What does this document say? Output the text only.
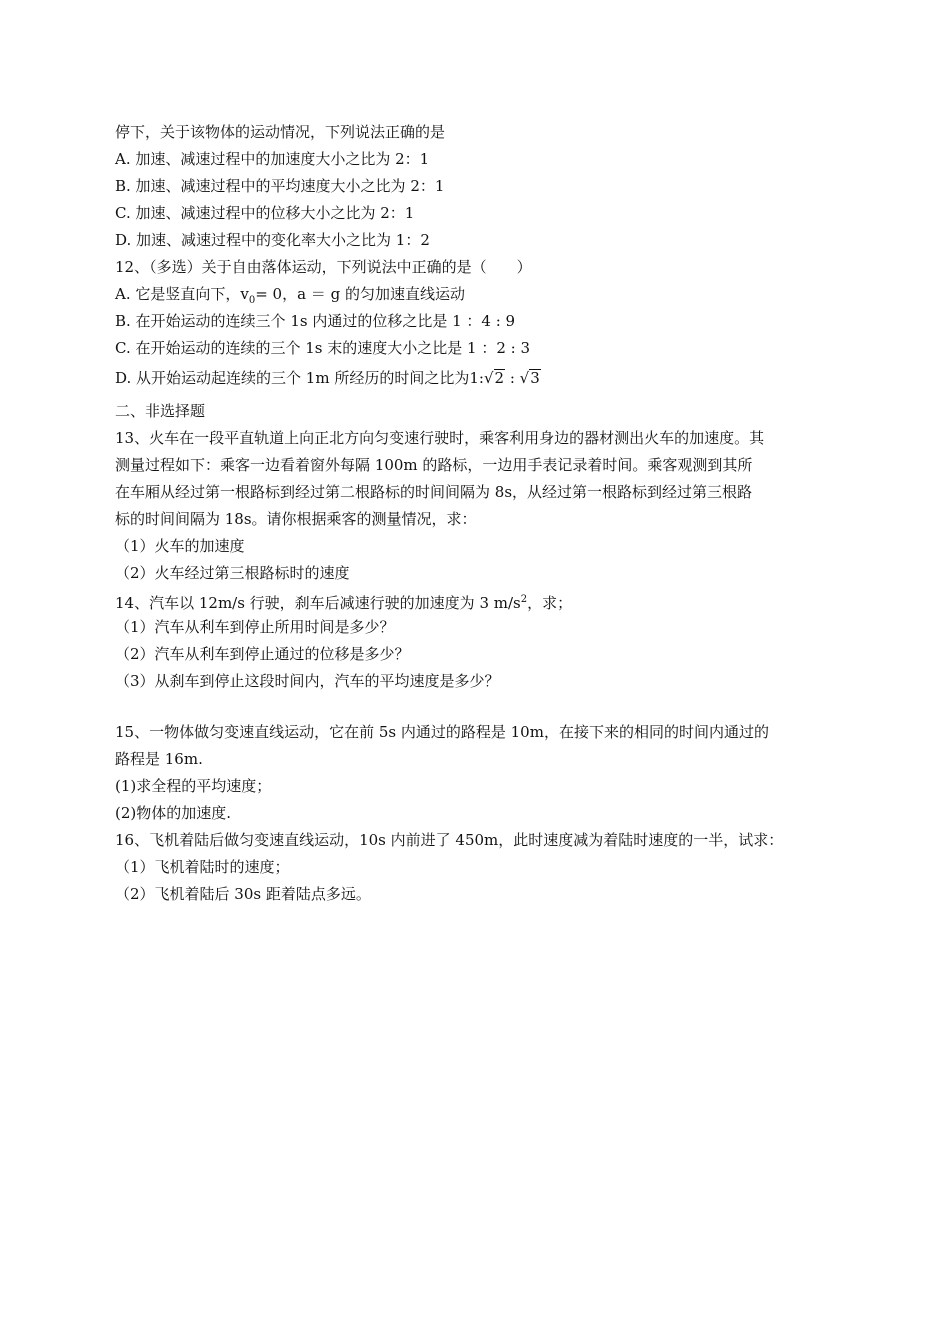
停下，关于该物体的运动情况，下列说法正确的是
A. 加速、减速过程中的加速度大小之比为 2：1
B. 加速、减速过程中的平均速度大小之比为 2：1
C. 加速、减速过程中的位移大小之比为 2：1
D. 加速、减速过程中的变化率大小之比为 1：2
12、（多选）关于自由落体运动，下列说法中正确的是（　　）
A. 它是竖直向下，$v_0= 0$，a ＝ g 的匀加速直线运动
B. 在开始运动的连续三个 1s 内通过的位移之比是 1 ：4 : 9
C. 在开始运动的连续的三个 1s 末的速度大小之比是 1 ：2 : 3
D. 从开始运动起连续的三个 1m 所经历的时间之比为1:√2 : √3
二、非选择题
13、火车在一段平直轨道上向正北方向匀变速行驶时，乘客利用身边的器材测出火车的加速度。其
测量过程如下：乘客一边看着窗外每隔 100m 的路标，一边用手表记录着时间。乘客观测到其所
在车厢从经过第一根路标到经过第二根路标的时间间隔为 8s，从经过第一根路标到经过第三根路
标的时间间隔为 18s。请你根据乘客的测量情况，求：
（1）火车的加速度
（2）火车经过第三根路标时的速度
14、汽车以 12m/s 行驶，刹车后减速行驶的加速度为 3 $m/s^2$，求；
（1）汽车从利车到停止所用时间是多少？
（2）汽车从利车到停止通过的位移是多少？
（3）从刹车到停止这段时间内，汽车的平均速度是多少？
15、一物体做匀变速直线运动，它在前 5s 内通过的路程是 10m，在接下来的相同的时间内通过的
路程是 16m.
(1)求全程的平均速度；
(2)物体的加速度.
16、飞机着陆后做匀变速直线运动，10s 内前进了 450m，此时速度减为着陆时速度的一半，试求：
（1）飞机着陆时的速度；
（2）飞机着陆后 30s 距着陆点多远。
